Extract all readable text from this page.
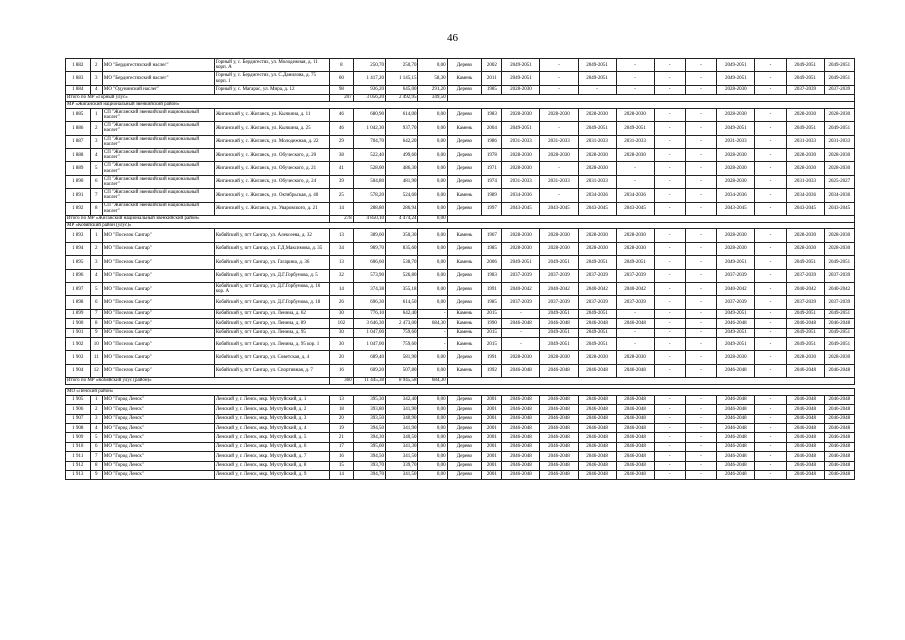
46
1 882	2	МО "Бердигестяхский наслег"	Горный у, с. Бердигестях, ул. Молодежная, д. 11 корп. А	8	250,70	250,70	0,00	Дерево	2002	2049-2051	-	2049-2051	-	-	-	2049-2051	-	2049-2051	2049-2051
1 883	3	МО "Бердигестяхский наслег"	Горный у, с. Бердигестях, ул. С.Данилова, д. 75 корп. 1	60	1 417,20	1 145,15	58,30	Камень	2011	2049-2051	-	2049-2051	-	-	-	2049-2051	-	2049-2051	2049-2051
1 884	4	МО "Одунинский наслег"	Горный у, с. Магарас, ул. Мира, д. 12	98	936,20	645,00	291,20	Дерево	1985	2028-2030	-	-	-	-	-	2028-2030	-	2037-2039	2037-2039
Итого по МР «Горный улус»				207	3 056,20	2 492,95	349,50												
МР «Жиганский национальный эвенкийский район»																			
1 885	1	СП "Жиганский эвенкийский национальный наслег"	Жиганский у, с. Жиганск, ул. Кычкина, д. 11	46	680,90	614,00	0,00	Дерево	1983	2028-2030	2028-2030	2028-2030	2028-2030	-	-	2028-2030	-	2028-2030	2028-2030
1 886	2	СП "Жиганский эвенкийский национальный наслег"	Жиганский у, с. Жиганск, ул. Кычкина, д. 25	46	1 042,30	937,70	0,00	Камень	2004	2049-2051	-	2049-2051	2049-2051	-	-	2049-2051	-	2049-2051	2049-2051
1 887	3	СП "Жиганский эвенкийский национальный наслег"	Жиганский у, с. Жиганск, ул. Молодежная, д. 22	29	704,70	642,20	0,00	Дерево	1986	2031-2033	2031-2033	2031-2033	2031-2033	-	-	2031-2033	-	2031-2033	2031-2033
1 888	4	СП "Жиганский эвенкийский национальный наслег"	Жиганский у, с. Жиганск, ул. Обуческого, д. 20	38	522,40	499,60	0,00	Дерево	1978	2028-2030	2028-2030	2028-2030	2028-2030	-	-	2028-2030	-	2028-2030	2028-2030
1 889	5	СП "Жиганский эвенкийский национальный наслег"	Жиганский у, с. Жиганск, ул. Обуческого, д. 21	41	528,00	486,30	0,00	Дерево	1971	2028-2030	-	2028-2030	-	-	-	2028-2030	-	2028-2030	2028-2030
1 890	6	СП "Жиганский эвенкийский национальный наслег"	Жиганский у, с. Жиганск, ул. Обуческого, д. 24	39	504,80	481,90	0,00	Дерево	1974	2031-2033	2031-2033	2031-2033	-	-	-	2028-2030	-	2031-2033	2025-2027
1 891	7	СП "Жиганский эвенкийский национальный наслег"	Жиганский у, с. Жиганск, ул. Октябрьская, д. 40	25	578,20	524,60	0,00	Камень	1989	2034-2036	-	2034-2036	2034-2036	-	-	2034-2036	-	2034-2036	2034-2036
1 892	8	СП "Жиганский эвенкийский национальный наслег"	Жиганский у, с. Жиганск, ул. Уваровского, д. 21	14	288,80	286,94	0,00	Дерево	1997	2043-2045	2043-2045	2043-2045	2043-2045	-	-	2043-2045	-	2043-2045	2043-2045
Итого по МР «Жиганский национальный эвенкийский район»				278	4 850,10	4 474,24	0,00												
МР «Кобяйский район (улус)»																			
1 893	1	МО "Поселок Сангар"	Кобяйский у, пгт Сангар, ул. Алексеева, д. 32	13	389,60	350,30	0,00	Камень	1967	2028-2030	2028-2030	2028-2030	2028-2030	-	-	2028-2030	-	2028-2030	2028-2030
1 894	2	МО "Поселок Сангар"	Кобяйский у, пгт Сангар, ул. Г.Д.Максимова, д. 35	34	989,70	835,60	0,00	Дерево	1985	2028-2030	2028-2030	2028-2030	2028-2030	-	-	2028-2030	-	2028-2030	2028-2030
1 895	3	МО "Поселок Сангар"	Кобяйский у, пгт Сангар, ул. Гагарина, д. 36	13	606,60	538,70	0,00	Камень	2006	2049-2051	2049-2051	2049-2051	2049-2051	-	-	2049-2051	-	2049-2051	2049-2051
1 896	4	МО "Поселок Сангар"	Кобяйский у, пгт Сангар, ул. Д.Г.Горбунова, д. 5	32	573,90	526,80	0,00	Дерево	1983	2037-2039	2037-2039	2037-2039	2037-2039	-	-	2037-2039	-	2037-2039	2037-2039
1 897	5	МО "Поселок Сангар"	Кобяйский у, пгт Сангар, ул. Д.Г.Горбунова, д. 16 кор. А	14	374,38	355,18	0,00	Дерево	1991	2040-2042	2040-2042	2040-2042	2040-2042	-	-	2040-2042	-	2040-2042	2040-2042
1 898	6	МО "Поселок Сангар"	Кобяйский у, пгт Сангар, ул. Д.Г.Горбунова, д. 18	26	696,30	614,50	0,00	Дерево	1985	2037-2039	2037-2039	2037-2039	2037-2039	-	-	2037-2039	-	2037-2039	2037-2039
1 899	7	МО "Поселок Сангар"	Кобяйский у, пгт Сангар, ул. Ленина, д. 62	30	776,10	642,40	-	Камень	2015	-	2049-2051	2049-2051	-	-	-	2049-2051	-	2049-2051	2049-2051
1 900	8	МО "Поселок Сангар"	Кобяйский у, пгт Сангар, ул. Ленина, д. 89	102	3 646,30	2 473,00	684,30	Камень	1990	2046-2048	2046-2048	2046-2048	2046-2048	-	-	2046-2048	-	2046-2048	2046-2048
1 901	9	МО "Поселок Сангар"	Кобяйский у, пгт Сангар, ул. Ленина, д. 95	30	1 047,00	759,60	-	Камень	2015	-	2049-2051	2049-2051	-	-	-	2049-2051	-	2049-2051	2049-2051
1 902	10	МО "Поселок Сангар"	Кобяйский у, пгт Сангар, ул. Ленина, д. 95 кор. 1	30	1 047,00	759,60	-	Камень	2015	-	2049-2051	2049-2051	-	-	-	2049-2051	-	2049-2051	2049-2051
1 903	11	МО "Поселок Сангар"	Кобяйский у, пгт Сангар, ул. Советская, д. 4	20	689,40	581,90	0,00	Дерево	1991	2028-2030	2028-2030	2028-2030	2028-2030	-	-	2028-2030	-	2028-2030	2028-2030
1 904	12	МО "Поселок Сангар"	Кобяйский у, пгт Сангар, ул. Спортивная, д. 7	16	609,20	507,80	0,00	Камень	1992	2046-2048	2046-2048	2046-2048	2046-2048	-	-	2046-2048	-	2046-2048	2046-2048
Итого по МР «Кобяйский улус (район)»				360	11 445,38	8 945,58	684,30												

МО «Ленский район»																			
1 905	1	МО "Город Ленск"	Ленский у, г. Ленск, мкр. Мухтуйский, д. 1	13	395,30	342,40	0,00	Дерево	2001	2046-2048	2046-2048	2046-2048	2046-2048	-	-	2046-2048	-	2046-2048	2046-2048
1 906	2	МО "Город Ленск"	Ленский у, г. Ленск, мкр. Мухтуйский, д. 2	18	393,80	341,90	0,00	Дерево	2001	2046-2048	2046-2048	2046-2048	2046-2048	-	-	2046-2048	-	2046-2048	2046-2048
1 907	3	МО "Город Ленск"	Ленский у, г. Ленск, мкр. Мухтуйский, д. 3	20	393,50	340,90	0,00	Дерево	2001	2046-2048	2046-2048	2046-2048	2046-2048	-	-	2046-2048	-	2046-2048	2046-2048
1 908	4	МО "Город Ленск"	Ленский у, г. Ленск, мкр. Мухтуйский, д. 4	19	394,50	341,90	0,00	Дерево	2001	2046-2048	2046-2048	2046-2048	2046-2048	-	-	2046-2048	-	2046-2048	2046-2048
1 909	5	МО "Город Ленск"	Ленский у, г. Ленск, мкр. Мухтуйский, д. 5	21	394,30	340,50	0,00	Дерево	2001	2046-2048	2046-2048	2046-2048	2046-2048	-	-	2046-2048	-	2046-2048	2046-2048
1 910	6	МО "Город Ленск"	Ленский у, г. Ленск, мкр. Мухтуйский, д. 6	17	395,60	341,30	0,00	Дерево	2001	2046-2048	2046-2048	2046-2048	2046-2048	-	-	2046-2048	-	2046-2048	2046-2048
1 911	7	МО "Город Ленск"	Ленский у, г. Ленск, мкр. Мухтуйский, д. 7	16	394,50	341,50	0,00	Дерево	2001	2046-2048	2046-2048	2046-2048	2046-2048	-	-	2046-2048	-	2046-2048	2046-2048
1 912	8	МО "Город Ленск"	Ленский у, г. Ленск, мкр. Мухтуйский, д. 8	15	393,70	339,70	0,00	Дерево	2001	2046-2048	2046-2048	2046-2048	2046-2048	-	-	2046-2048	-	2046-2048	2046-2048
1 913	9	МО "Город Ленск"	Ленский у, г. Ленск, мкр. Мухтуйский, д. 9	14	394,70	341,50	0,00	Дерево	2001	2046-2048	2046-2048	2046-2048	2046-2048	-	-	2046-2048	-	2046-2048	2046-2048
